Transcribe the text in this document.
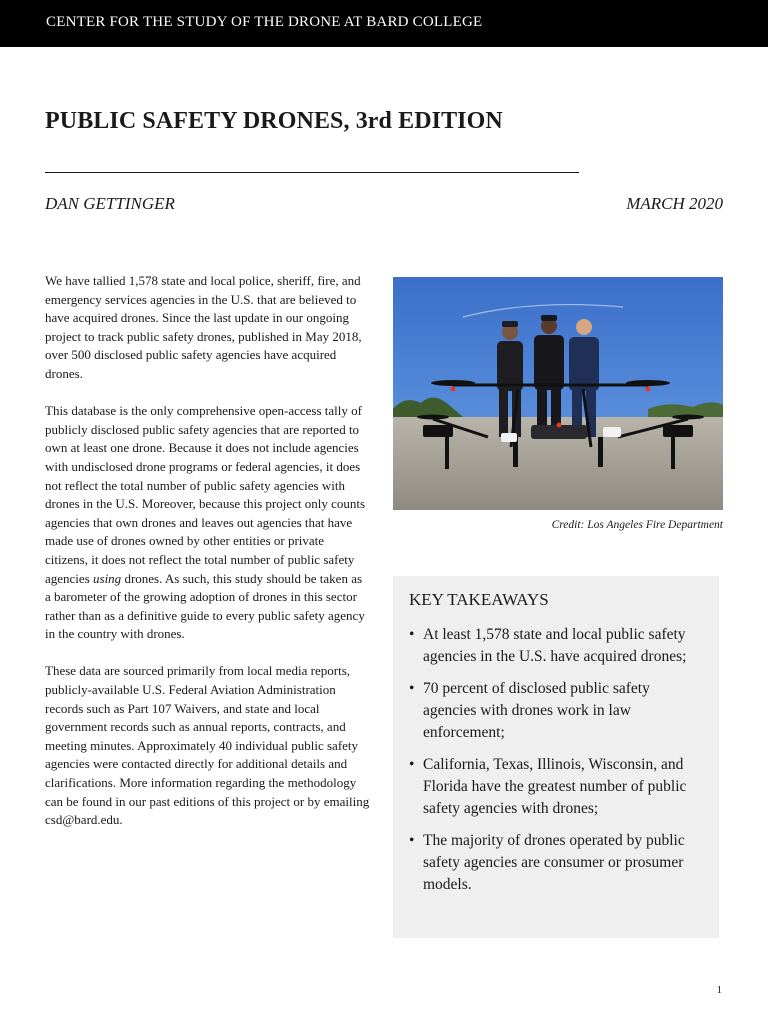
CENTER FOR THE STUDY OF THE DRONE AT BARD COLLEGE
PUBLIC SAFETY DRONES, 3rd EDITION
DAN GETTINGER	MARCH 2020

We have tallied 1,578 state and local police, sheriff, fire, and emergency services agencies in the U.S. that are believed to have acquired drones. Since the last update in our ongoing project to track public safety drones, published in May 2018, over 500 disclosed public safety agencies have acquired drones.

This database is the only comprehensive open-access tally of publicly disclosed public safety agencies that are reported to own at least one drone. Because it does not include agencies with undisclosed drone programs or federal agencies, it does not reflect the total number of public safety agencies with drones in the U.S. Moreover, because this project only counts agencies that own drones and leaves out agencies that have made use of drones owned by other entities or private citizens, it does not reflect the total number of public safety agencies using drones. As such, this study should be taken as a barometer of the growing adoption of drones in this sector rather than as a definitive guide to every public safety agency in the country with drones.

These data are sourced primarily from local media reports, publicly-available U.S. Federal Aviation Administration records such as Part 107 Waivers, and state and local government records such as annual reports, contracts, and meeting minutes. Approximately 40 individual public safety agencies were contacted directly for additional details and clarifications. More information regarding the methodology can be found in our past editions of this project or by emailing csd@bard.edu.

Credit: Los Angeles Fire Department
KEY TAKEAWAYS
• At least 1,578 state and local public safety agencies in the U.S. have acquired drones;
• 70 percent of disclosed public safety agencies with drones work in law enforcement;
• California, Texas, Illinois, Wisconsin, and Florida have the greatest number of public safety agencies with drones;
• The majority of drones operated by public safety agencies are consumer or prosumer models.
1
